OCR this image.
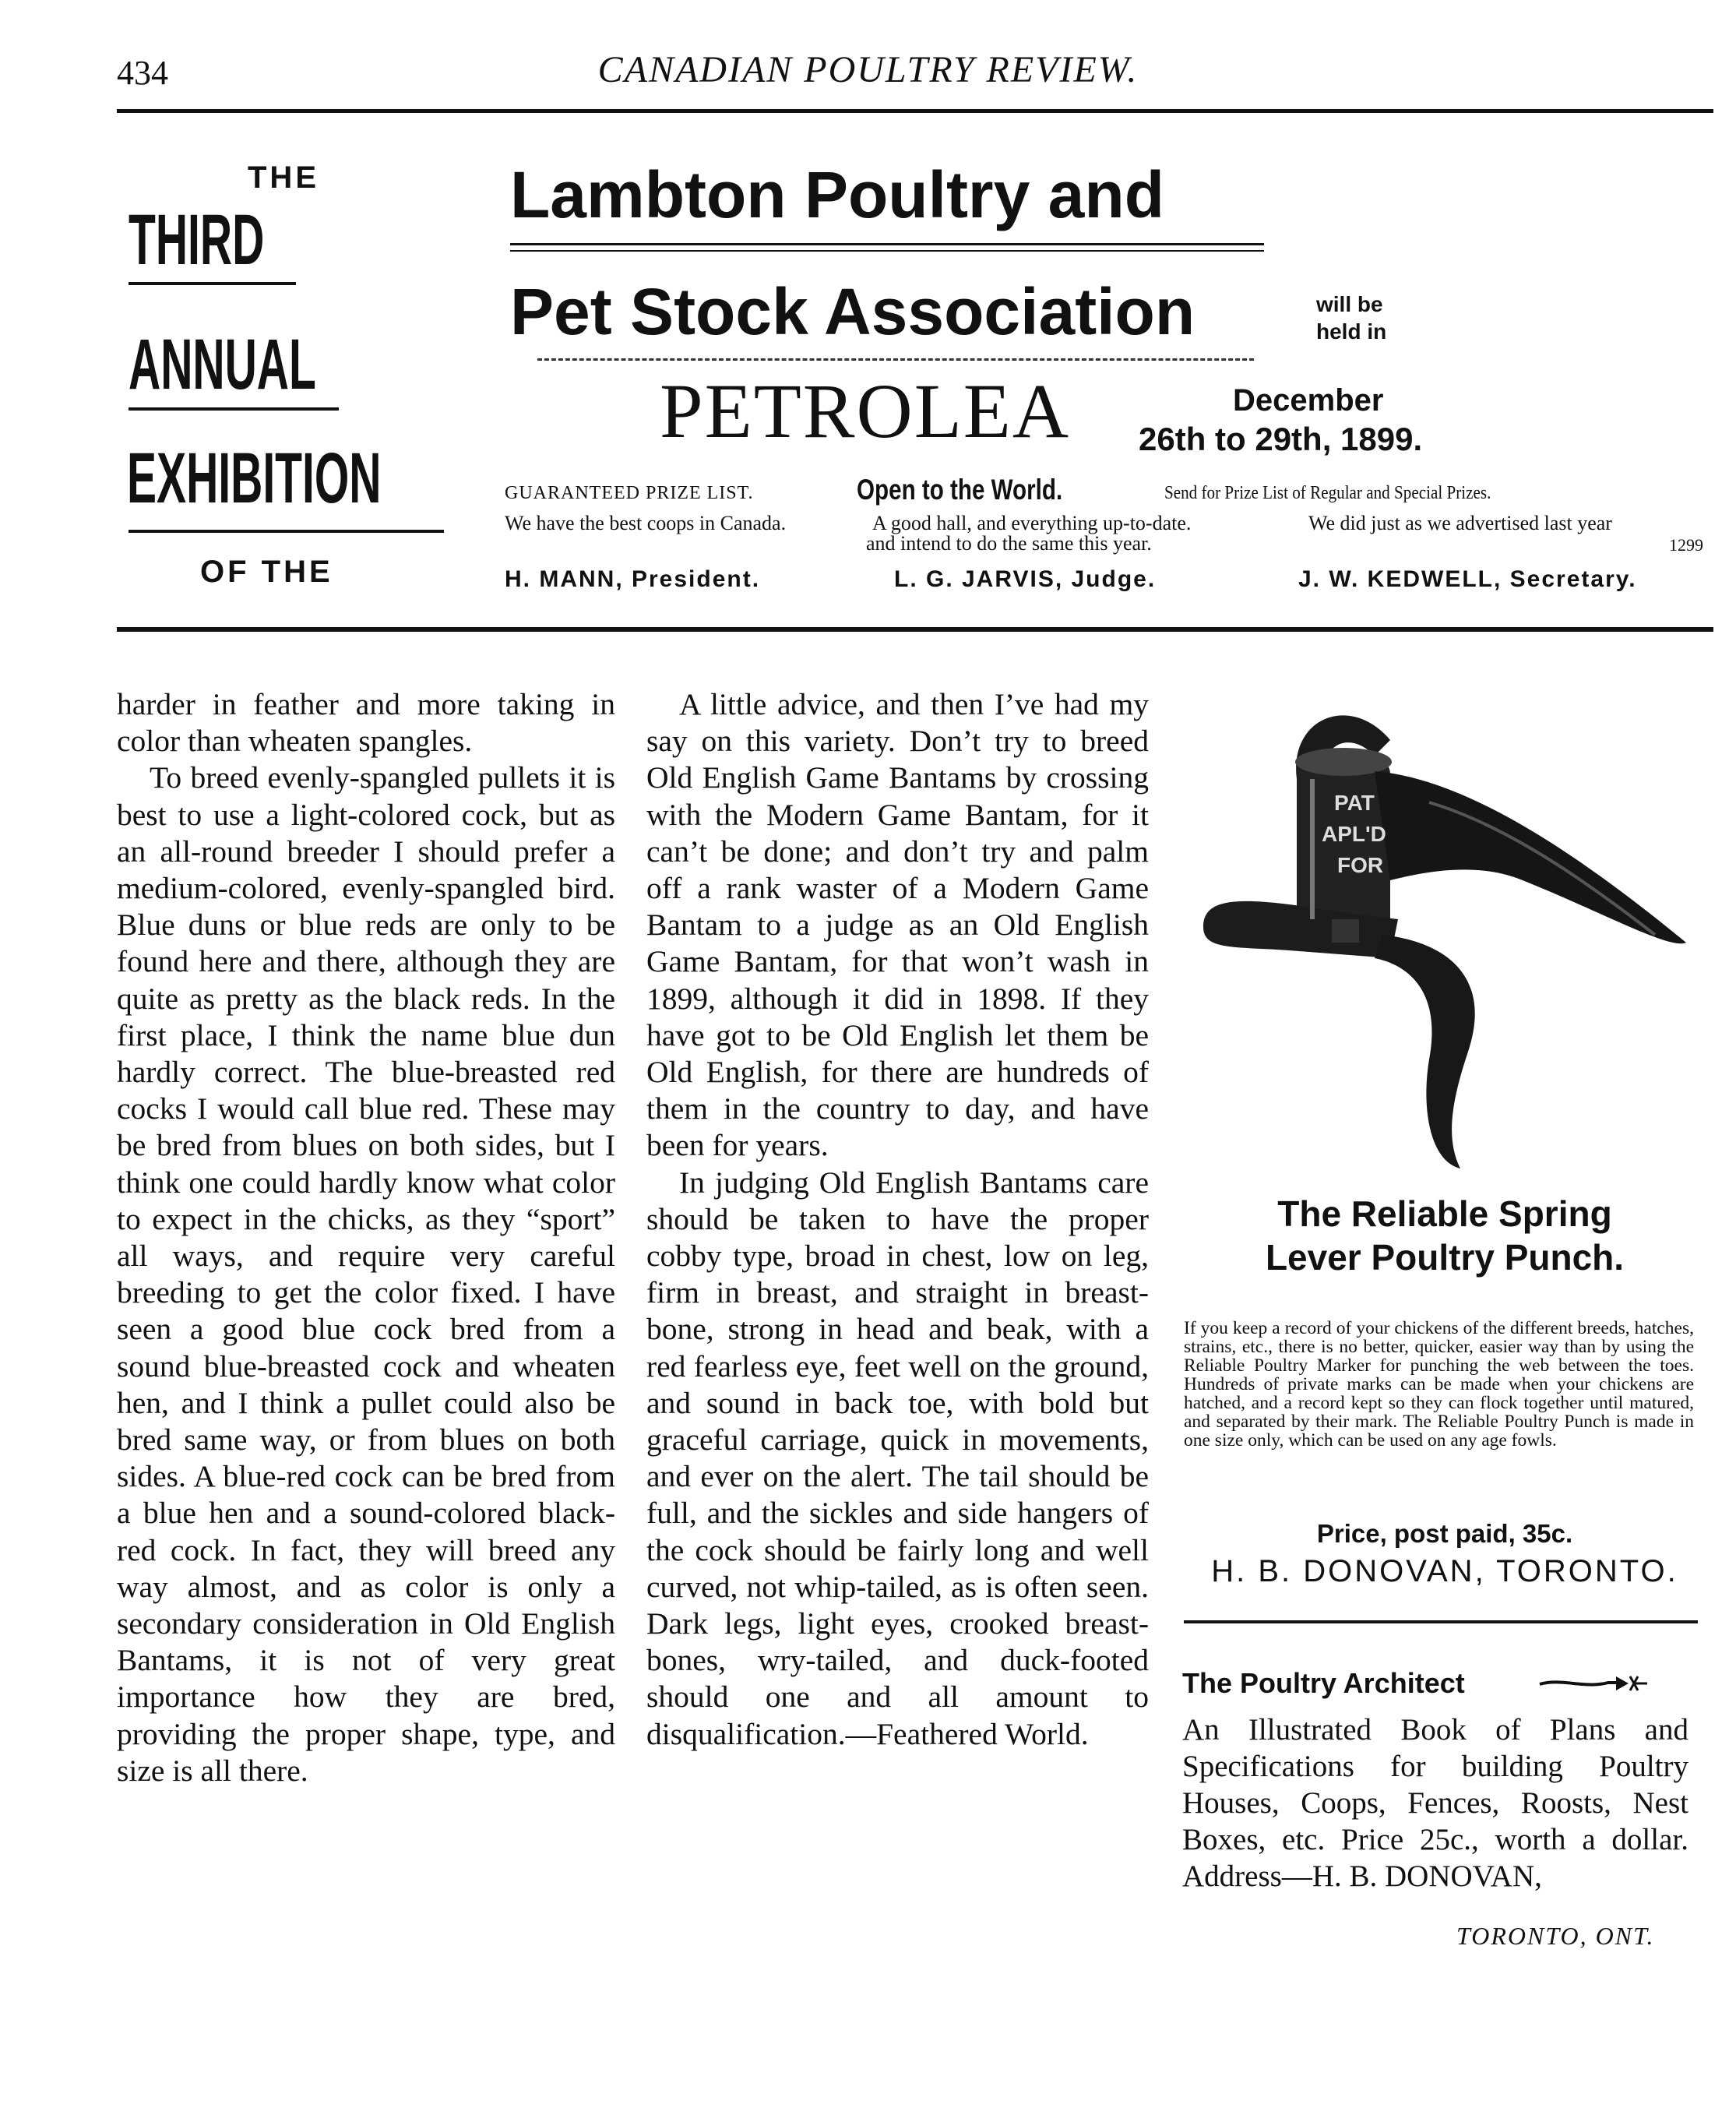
434	CANADIAN POULTRY REVIEW.
THE
THIRD
ANNUAL
EXHIBITION
OF THE
Lambton Poultry and
Pet Stock Association	will be
held in
PETROLEA	December
26th to 29th, 1899.
GUARANTEED PRIZE LIST.	Open to the World.	Send for Prize List of Regular and Special Prizes.
We have the best coops in Canada.	A good hall, and everything up-to-date.
and intend to do the same this year.
We did just as we advertised last year
1299
H. MANN, President.	L. G. JARVIS, Judge.	J. W. KEDWELL, Secretary.

harder in feather and more taking in color than wheaten spangles.

To breed evenly-spangled pullets it is best to use a light-colored cock, but as an all-round breeder I should prefer a medium-colored, evenly-spangled bird. Blue duns or blue reds are only to be found here and there, although they are quite as pretty as the black reds. In the first place, I think the name blue dun hardly correct. The blue-breasted red cocks I would call blue red. These may be bred from blues on both sides, but I think one could hardly know what color to expect in the chicks, as they “sport” all ways, and require very careful breeding to get the color fixed. I have seen a good blue cock bred from a sound blue-breasted cock and wheaten hen, and I think a pullet could also be bred same way, or from blues on both sides. A blue-red cock can be bred from a blue hen and a sound-colored black-red cock. In fact, they will breed any way almost, and as color is only a secondary consideration in Old English Bantams, it is not of very great importance how they are bred, providing the proper shape, type, and size is all there.

A little advice, and then I’ve had my say on this variety. Don’t try to breed Old English Game Bantams by crossing with the Modern Game Bantam, for it can’t be done; and don’t try and palm off a rank waster of a Modern Game Bantam to a judge as an Old English Game Bantam, for that won’t wash in 1899, although it did in 1898. If they have got to be Old English let them be Old English, for there are hundreds of them in the country to day, and have been for years.

In judging Old English Bantams care should be taken to have the proper cobby type, broad in chest, low on leg, firm in breast, and straight in breast-bone, strong in head and beak, with a red fearless eye, feet well on the ground, and sound in back toe, with bold but graceful carriage, quick in movements, and ever on the alert. The tail should be full, and the sickles and side hangers of the cock should be fairly long and well curved, not whip-tailed, as is often seen. Dark legs, light eyes, crooked breast-bones, wry-tailed, and duck-footed should one and all amount to disqualification.—Feathered World.

PAT
APL'D
FOR
The Reliable Spring
Lever Poultry Punch.
If you keep a record of your chickens of the different breeds, hatches, strains, etc., there is no better, quicker, easier way than by using the Reliable Poultry Marker for punching the web between the toes. Hundreds of private marks can be made when your chickens are hatched, and a record kept so they can flock together until matured, and separated by their mark. The Reliable Poultry Punch is made in one size only, which can be used on any age fowls.
Price, post paid, 35c.
H. B. DONOVAN, TORONTO.
The Poultry Architect
An Illustrated Book of Plans and Specifications for building Poultry Houses, Coops, Fences, Roosts, Nest Boxes, etc. Price 25c., worth a dollar. Address—H. B. DONOVAN,
TORONTO, ONT.
